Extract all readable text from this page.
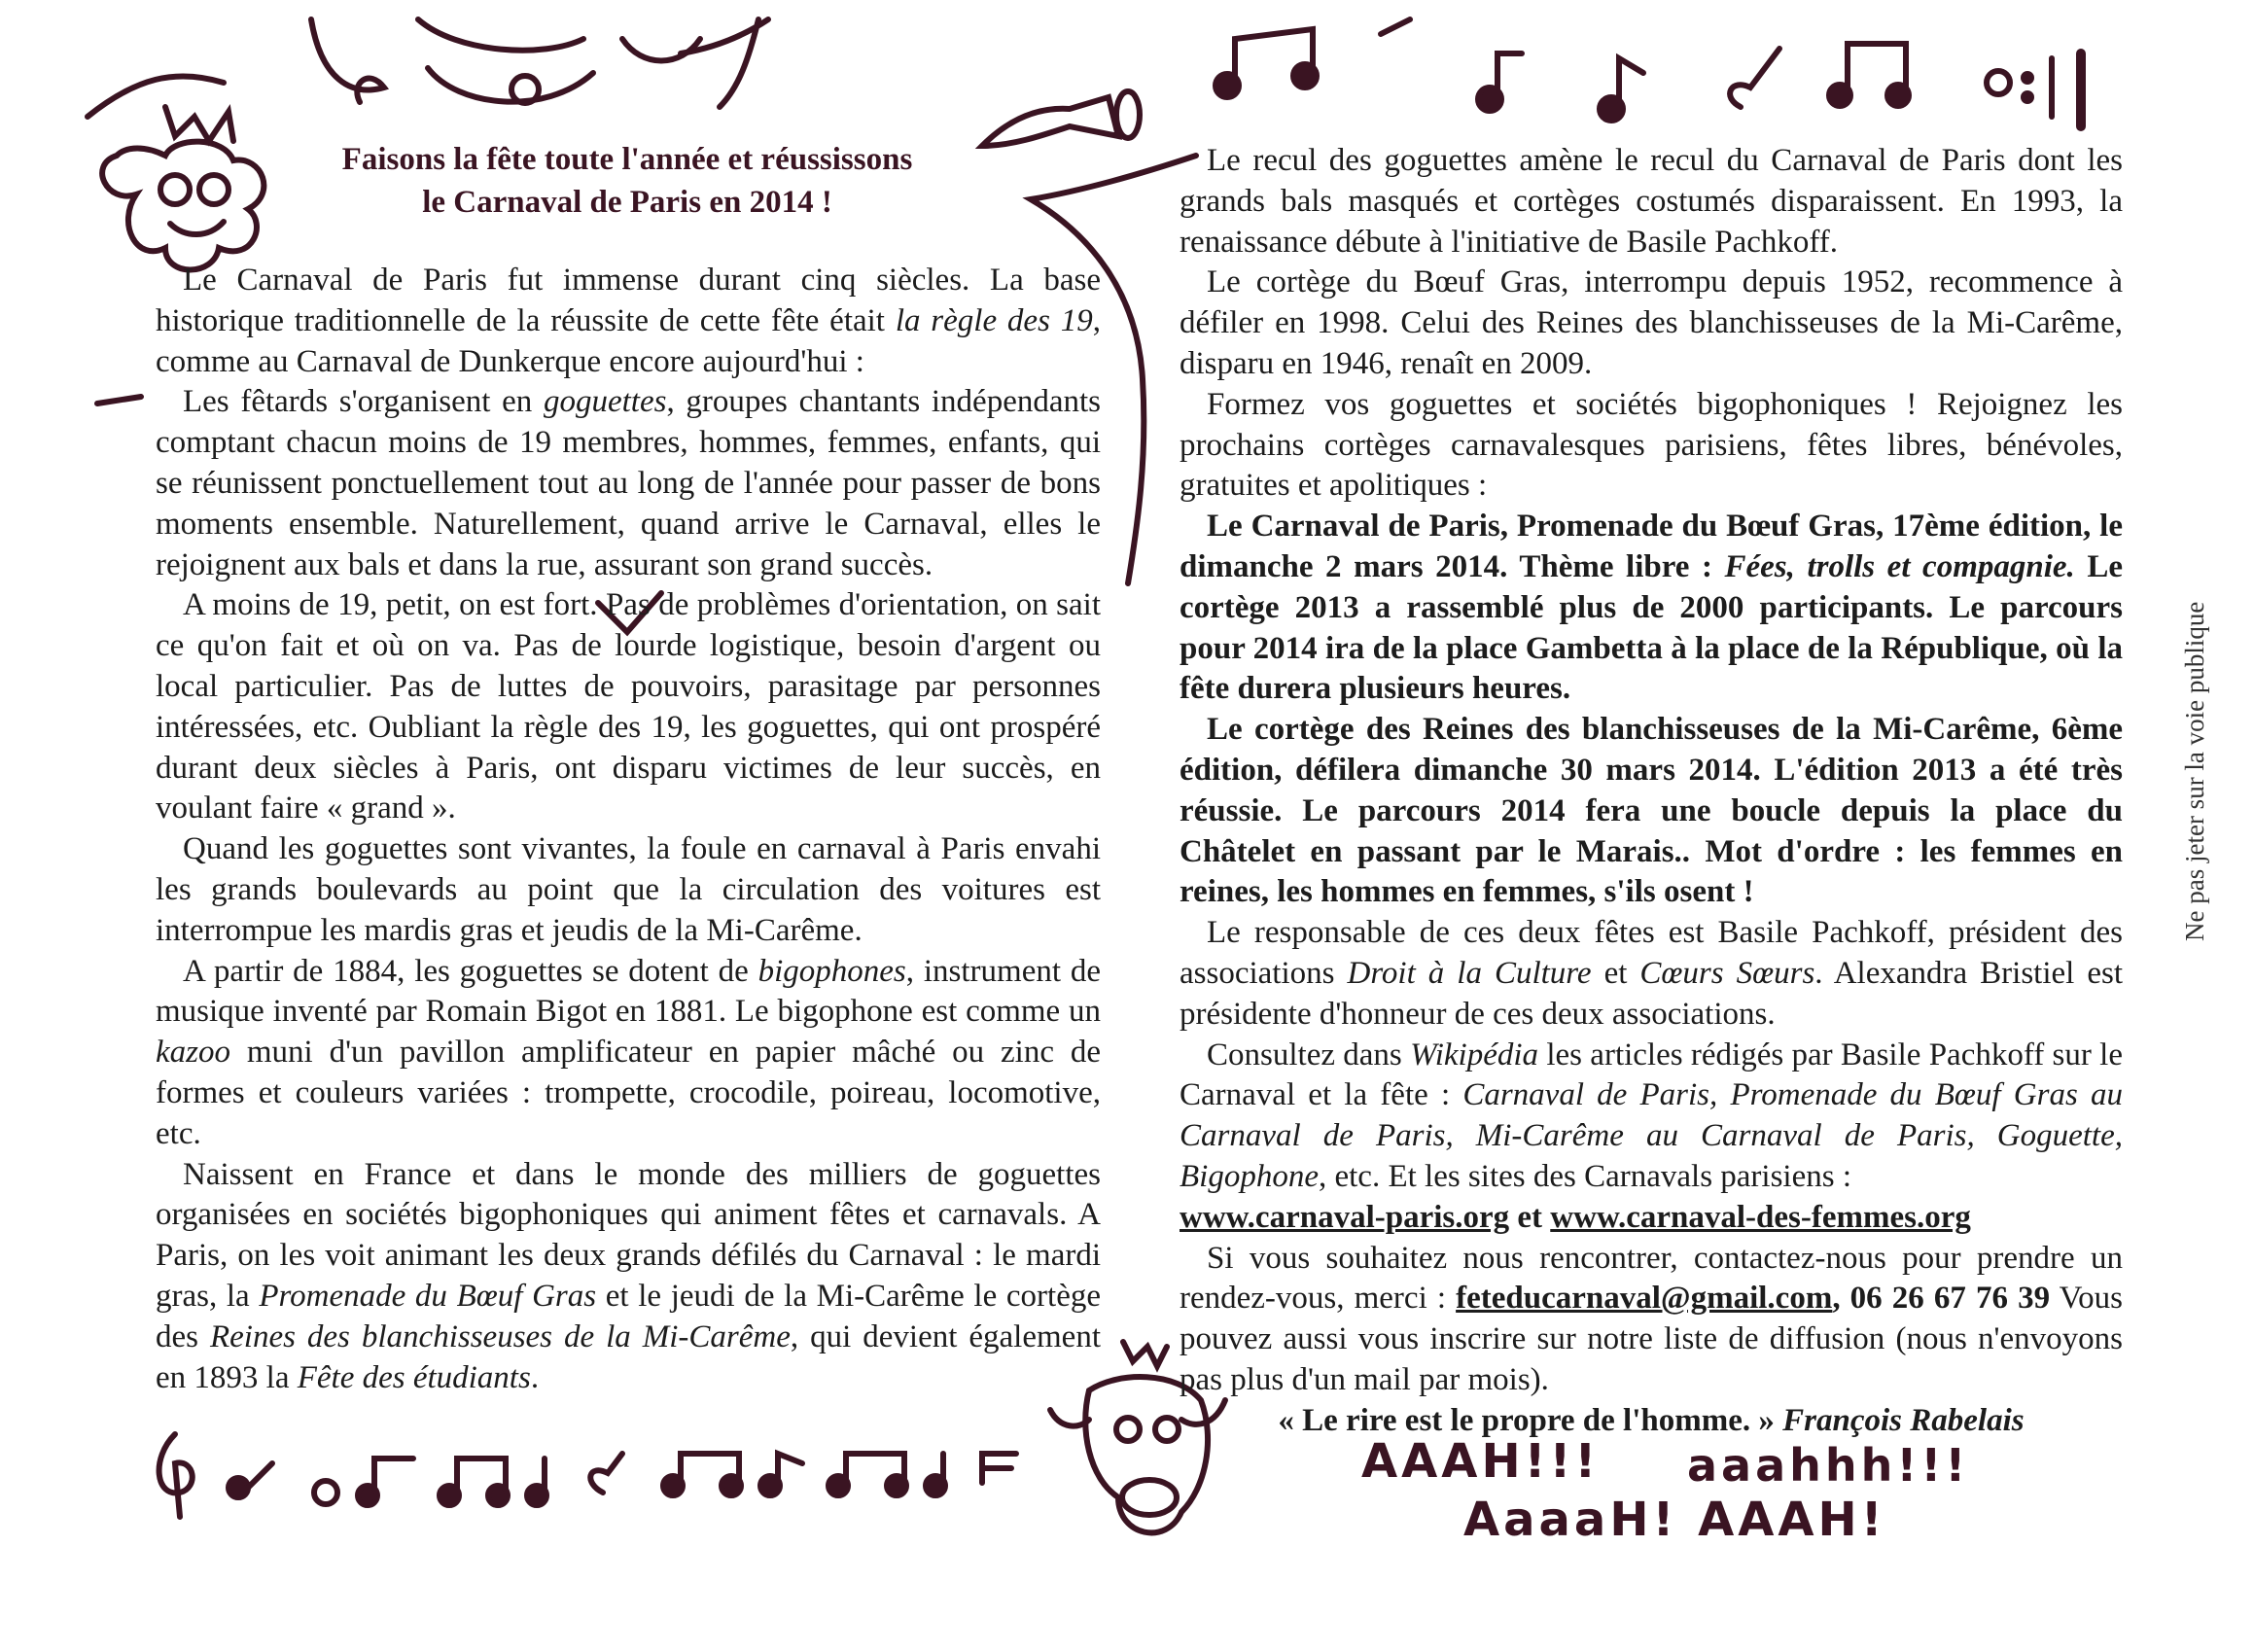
Faisons la fête toute l'année et réussissons
le Carnaval de Paris en 2014 !

Le Carnaval de Paris fut immense durant cinq siècles. La base historique traditionnelle de la réussite de cette fête était la règle des 19, comme au Carnaval de Dunkerque encore aujourd'hui :

Les fêtards s'organisent en goguettes, groupes chantants indépendants comptant chacun moins de 19 membres, hommes, femmes, enfants, qui se réunissent ponctuellement tout au long de l'année pour passer de bons moments ensemble. Naturellement, quand arrive le Carnaval, elles le rejoignent aux bals et dans la rue, assurant son grand succès.

A moins de 19, petit, on est fort. Pas de problèmes d'orientation, on sait ce qu'on fait et où on va. Pas de lourde logistique, besoin d'argent ou local particulier. Pas de luttes de pouvoirs, parasitage par personnes intéressées, etc. Oubliant la règle des 19, les goguettes, qui ont prospéré durant deux siècles à Paris, ont disparu victimes de leur succès, en voulant faire « grand ».

Quand les goguettes sont vivantes, la foule en carnaval à Paris envahi les grands boulevards au point que la circulation des voitures est interrompue les mardis gras et jeudis de la Mi-Carême.

A partir de 1884, les goguettes se dotent de bigophones, instrument de musique inventé par Romain Bigot en 1881. Le bigophone est comme un kazoo muni d'un pavillon amplificateur en papier mâché ou zinc de formes et couleurs variées : trompette, crocodile, poireau, locomotive, etc.

Naissent en France et dans le monde des milliers de goguettes organisées en sociétés bigophoniques qui animent fêtes et carnavals. A Paris, on les voit animant les deux grands défilés du Carnaval : le mardi gras, la Promenade du Bœuf Gras et le jeudi de la Mi-Carême le cortège des Reines des blanchisseuses de la Mi-Carême, qui devient également en 1893 la Fête des étudiants.

Le recul des goguettes amène le recul du Carnaval de Paris dont les grands bals masqués et cortèges costumés disparaissent. En 1993, la renaissance débute à l'initiative de Basile Pachkoff.

Le cortège du Bœuf Gras, interrompu depuis 1952, recommence à défiler en 1998. Celui des Reines des blanchisseuses de la Mi-Carême, disparu en 1946, renaît en 2009.

Formez vos goguettes et sociétés bigophoniques ! Rejoignez les prochains cortèges carnavalesques parisiens, fêtes libres, bénévoles, gratuites et apolitiques :

Le Carnaval de Paris, Promenade du Bœuf Gras, 17ème édition, le dimanche 2 mars 2014. Thème libre : Fées, trolls et compagnie. Le cortège 2013 a rassemblé plus de 2000 participants. Le parcours pour 2014 ira de la place Gambetta à la place de la République, où la fête durera plusieurs heures.

Le cortège des Reines des blanchisseuses de la Mi-Carême, 6ème édition, défilera dimanche 30 mars 2014. L'édition 2013 a été très réussie. Le parcours 2014 fera une boucle depuis la place du Châtelet en passant par le Marais.. Mot d'ordre : les femmes en reines, les hommes en femmes, s'ils osent !

Le responsable de ces deux fêtes est Basile Pachkoff, président des associations Droit à la Culture et Cœurs Sœurs. Alexandra Bristiel est présidente d'honneur de ces deux associations.

Consultez dans Wikipédia les articles rédigés par Basile Pachkoff sur le Carnaval et la fête : Carnaval de Paris, Promenade du Bœuf Gras au Carnaval de Paris, Mi-Carême au Carnaval de Paris, Goguette, Bigophone, etc. Et les sites des Carnavals parisiens :
www.carnaval-paris.org et www.carnaval-des-femmes.org

Si vous souhaitez nous rencontrer, contactez-nous pour prendre un rendez-vous, merci : feteducarnaval@gmail.com, 06 26 67 76 39 Vous pouvez aussi vous inscrire sur notre liste de diffusion (nous n'envoyons pas plus d'un mail par mois).

« Le rire est le propre de l'homme. » François Rabelais

Ne pas jeter sur la voie publique
AAAH!!! aaahhh!!!
AaaaH! AAAH!
